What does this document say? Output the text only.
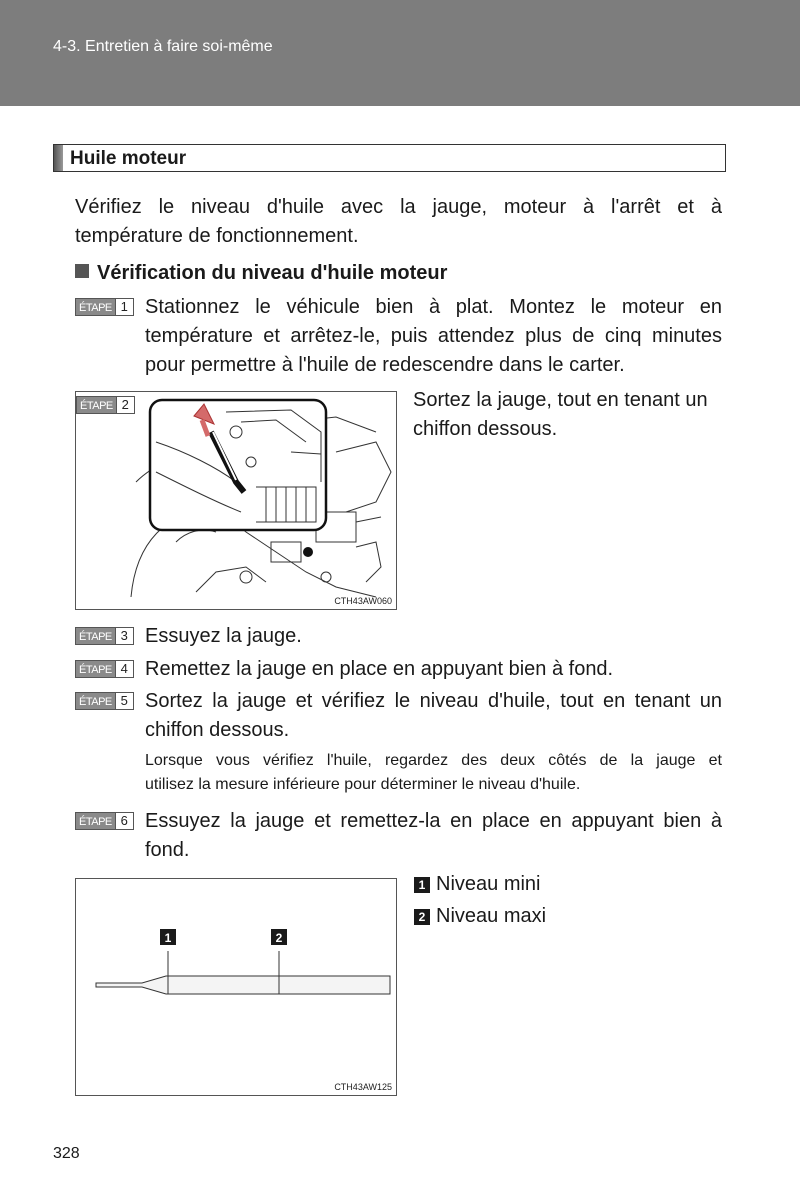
4-3. Entretien à faire soi-même
Huile moteur
Vérifiez le niveau d'huile avec la jauge, moteur à l'arrêt et à
température de fonctionnement.
Vérification du niveau d'huile moteur
ÉTAPE 1 Stationnez le véhicule bien à plat. Montez le moteur en
température et arrêtez-le, puis attendez plus de cinq minutes
pour permettre à l'huile de redescendre dans le carter.
ÉTAPE 2
CTH43AW060
Sortez la jauge, tout en tenant un
chiffon dessous.
ÉTAPE 3 Essuyez la jauge.
ÉTAPE 4 Remettez la jauge en place en appuyant bien à fond.
ÉTAPE 5 Sortez la jauge et vérifiez le niveau d'huile, tout en tenant un
chiffon dessous.
Lorsque vous vérifiez l'huile, regardez des deux côtés de la jauge et
utilisez la mesure inférieure pour déterminer le niveau d'huile.
ÉTAPE 6 Essuyez la jauge et remettez-la en place en appuyant bien à
fond.
1	2
CTH43AW125
1 Niveau mini
2 Niveau maxi
328
